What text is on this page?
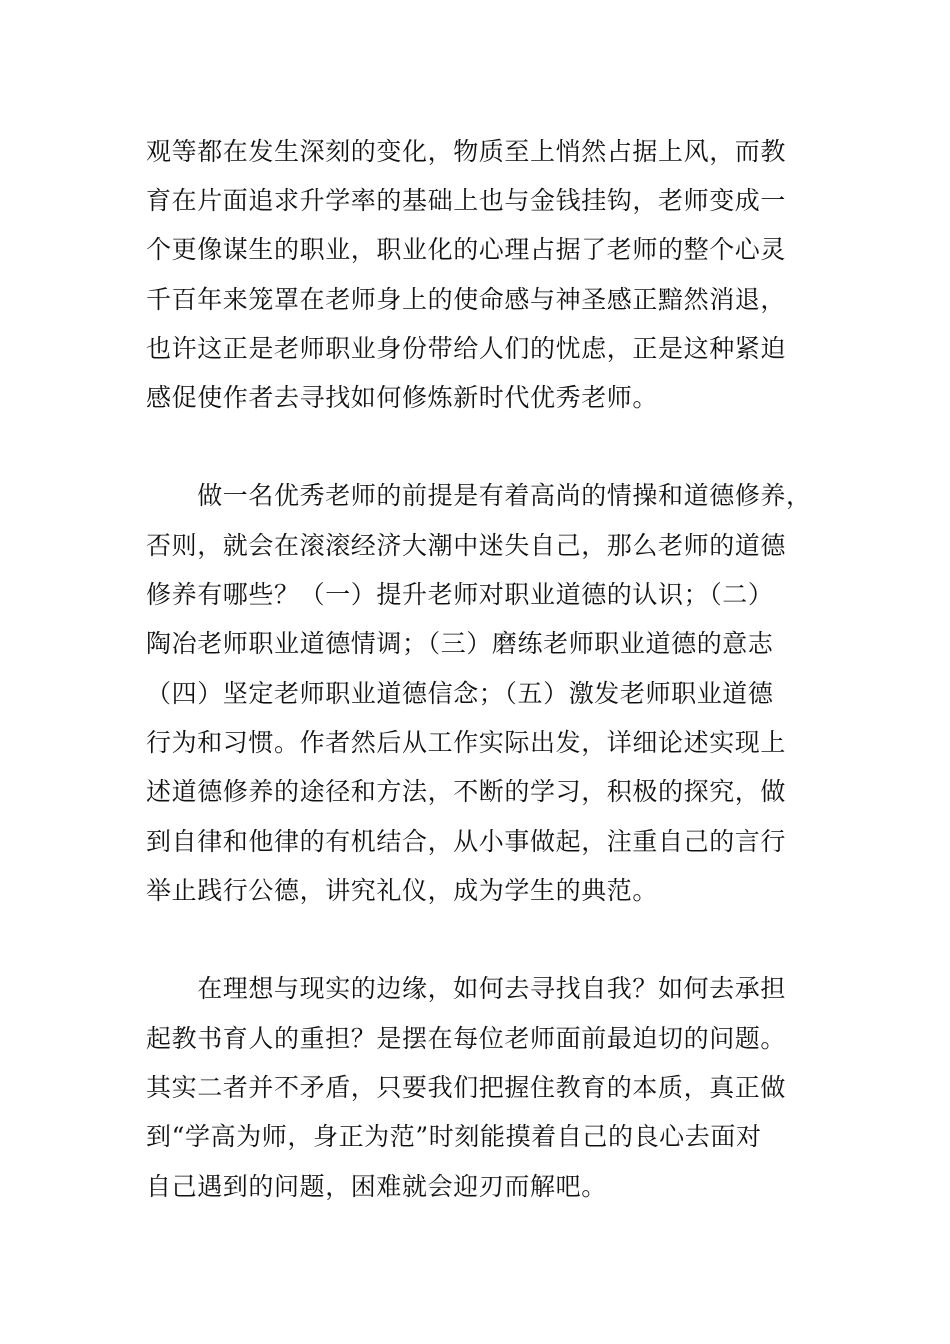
观等都在发生深刻的变化，物质至上悄然占据上风，而教
育在片面追求升学率的基础上也与金钱挂钩，老师变成一
个更像谋生的职业，职业化的心理占据了老师的整个心灵
千百年来笼罩在老师身上的使命感与神圣感正黯然消退，
也许这正是老师职业身份带给人们的忧虑，正是这种紧迫
感促使作者去寻找如何修炼新时代优秀老师。
　　做一名优秀老师的前提是有着高尚的情操和道德修养，
否则，就会在滚滚经济大潮中迷失自己，那么老师的道德
修养有哪些？（一）提升老师对职业道德的认识；（二）
陶冶老师职业道德情调；（三）磨练老师职业道德的意志
（四）坚定老师职业道德信念；（五）激发老师职业道德
行为和习惯。作者然后从工作实际出发，详细论述实现上
述道德修养的途径和方法，不断的学习，积极的探究，做
到自律和他律的有机结合，从小事做起，注重自己的言行
举止践行公德，讲究礼仪，成为学生的典范。
　　在理想与现实的边缘，如何去寻找自我？如何去承担
起教书育人的重担？是摆在每位老师面前最迫切的问题。
其实二者并不矛盾，只要我们把握住教育的本质，真正做
到“学高为师，身正为范”时刻能摸着自己的良心去面对
自己遇到的问题，困难就会迎刃而解吧。
